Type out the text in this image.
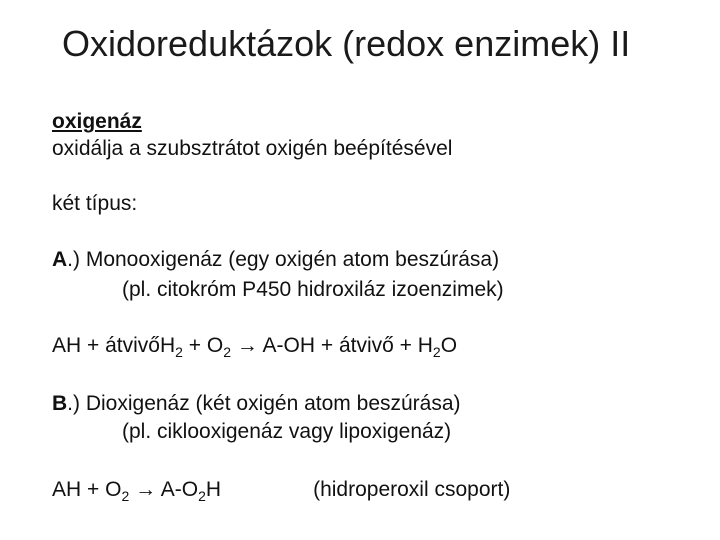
Oxidoreduktázok (redox enzimek) II
oxigenáz
oxidálja a szubsztrátot oxigén beépítésével
két típus:
A.) Monooxigenáz (egy oxigén atom beszúrása)
(pl. citokróm P450 hidroxiláz izoenzimek)
AH + átvivőH$_2$ + $O_2 \to A-OH$ + átvivő + $H_2O$
B.) Dioxigenáz (két oxigén atom beszúrása)
(pl. ciklooxigenáz vagy lipoxigenáz)
AH + $O_2 \to A-O_2H$	(hidroperoxil csoport)
